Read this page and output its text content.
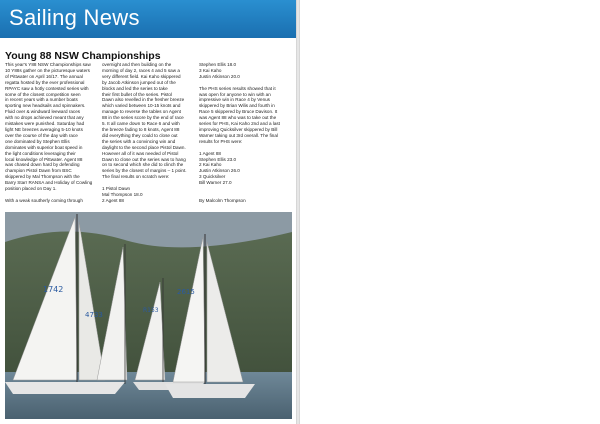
Sailing News
Young 88 NSW Championships
This year's Y88 NSW Championships saw
10 Y88s gather on the picturesque waters
of Pittwater on April 16/17. The annual
regatta hosted by the ever professional
RPAYC saw a hotly contested series with
some of the closest competition seen
in recent years with a number boats
sporting new headsails and spinnakers.
Fluid over & windward leeward races
with no drops achieved meant that any
mistakes were punished. Saturday had
light NE breezes averaging 5-10 knots
over the course of the day with race
one dominated by Stephen Ellis
dominates with superior boat speed in
the light conditions leveraging their
local knowledge of Pittwater. Agent 88
was chased down hard by defending
champion Pistol Dawn from BSC
skippered by Mal Thompson with the
Barry Starr RANSA and Holiday of Cowling
position placed on Day 1.

With a weak southerly coming through
overnight and then building on the
morning of day 2, races 4 and 5 saw a
very different field. Kai Kaho skippered
by Jacob Atkinson jumped out of the
blocks and led the series to take
their first bullet of the series. Pistol
Dawn also revelled in the fresher breeze
which varied between 10-15 knots and
manage to reverse the tables on Agent
88 in the series score by the end of race
5. It all came down to Race 6 and with
the breeze fading to 8 knots, Agent 88
did everything they could to close out
the series with a convincing win and
daylight to the second place Pistol Dawn.
However all of it was needed of Pistol
Dawn to close out the series was to hang
on to second which she did to clinch the
series by the closest of margins – 1 point.
The final results on scratch were:

1 Pistol Dawn
Mal Thompson 18.0
2 Agent 88
Stephen Ellis 18.0
3 Kai Kaho
Justin Atkinson 20.0

The PHS series results showed that it
was open for anyone to win with an
impressive win in Race 4 by Venus
skippered by Brian Wilis and fourth in
Race 5 skippered by Bruce Davison. It
was Agent 88 who was to take out the
series for PHS, Kai Kaho 2nd and a last
improving Quicksilver skippered by Bill
Warner taking out 3rd overall. The final
results for PHS were:

1 Agent 88
Stephen Ellis 23.0
2 Kai Kaho
Justin Atkinson 26.0
3 Quicksilver
Bill Warner 27.0

By Malcolm Thompson
1742
4733
R153
2615
